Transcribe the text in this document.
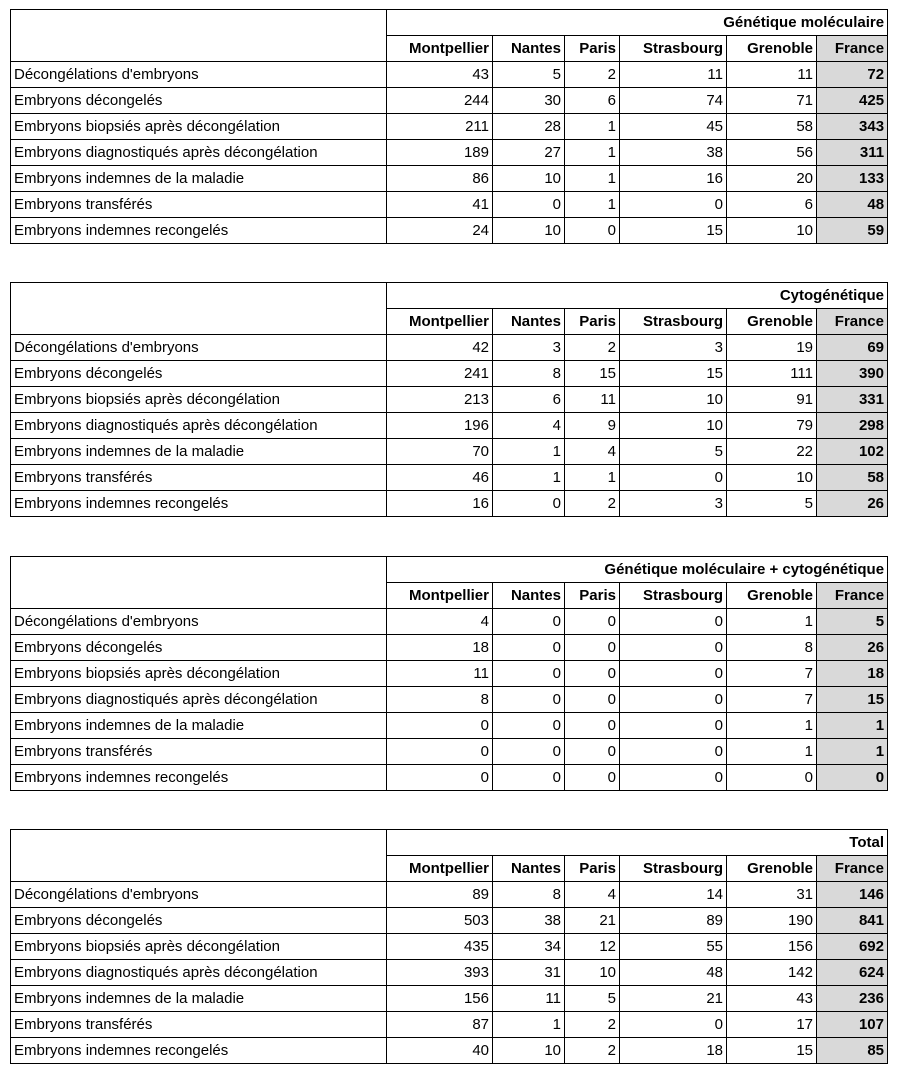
	Génétique moléculaire					
	Montpellier	Nantes	Paris	Strasbourg	Grenoble	France
Décongélations d'embryons	43	5	2	11	11	72
Embryons décongelés	244	30	6	74	71	425
Embryons biopsiés après décongélation	211	28	1	45	58	343
Embryons diagnostiqués après décongélation	189	27	1	38	56	311
Embryons indemnes de la maladie	86	10	1	16	20	133
Embryons transférés	41	0	1	0	6	48
Embryons indemnes recongelés	24	10	0	15	10	59
	Cytogénétique					
	Montpellier	Nantes	Paris	Strasbourg	Grenoble	France
Décongélations d'embryons	42	3	2	3	19	69
Embryons décongelés	241	8	15	15	111	390
Embryons biopsiés après décongélation	213	6	11	10	91	331
Embryons diagnostiqués après décongélation	196	4	9	10	79	298
Embryons indemnes de la maladie	70	1	4	5	22	102
Embryons transférés	46	1	1	0	10	58
Embryons indemnes recongelés	16	0	2	3	5	26
	Génétique moléculaire + cytogénétique					
	Montpellier	Nantes	Paris	Strasbourg	Grenoble	France
Décongélations d'embryons	4	0	0	0	1	5
Embryons décongelés	18	0	0	0	8	26
Embryons biopsiés après décongélation	11	0	0	0	7	18
Embryons diagnostiqués après décongélation	8	0	0	0	7	15
Embryons indemnes de la maladie	0	0	0	0	1	1
Embryons transférés	0	0	0	0	1	1
Embryons indemnes recongelés	0	0	0	0	0	0
	Total					
	Montpellier	Nantes	Paris	Strasbourg	Grenoble	France
Décongélations d'embryons	89	8	4	14	31	146
Embryons décongelés	503	38	21	89	190	841
Embryons biopsiés après décongélation	435	34	12	55	156	692
Embryons diagnostiqués après décongélation	393	31	10	48	142	624
Embryons indemnes de la maladie	156	11	5	21	43	236
Embryons transférés	87	1	2	0	17	107
Embryons indemnes recongelés	40	10	2	18	15	85
